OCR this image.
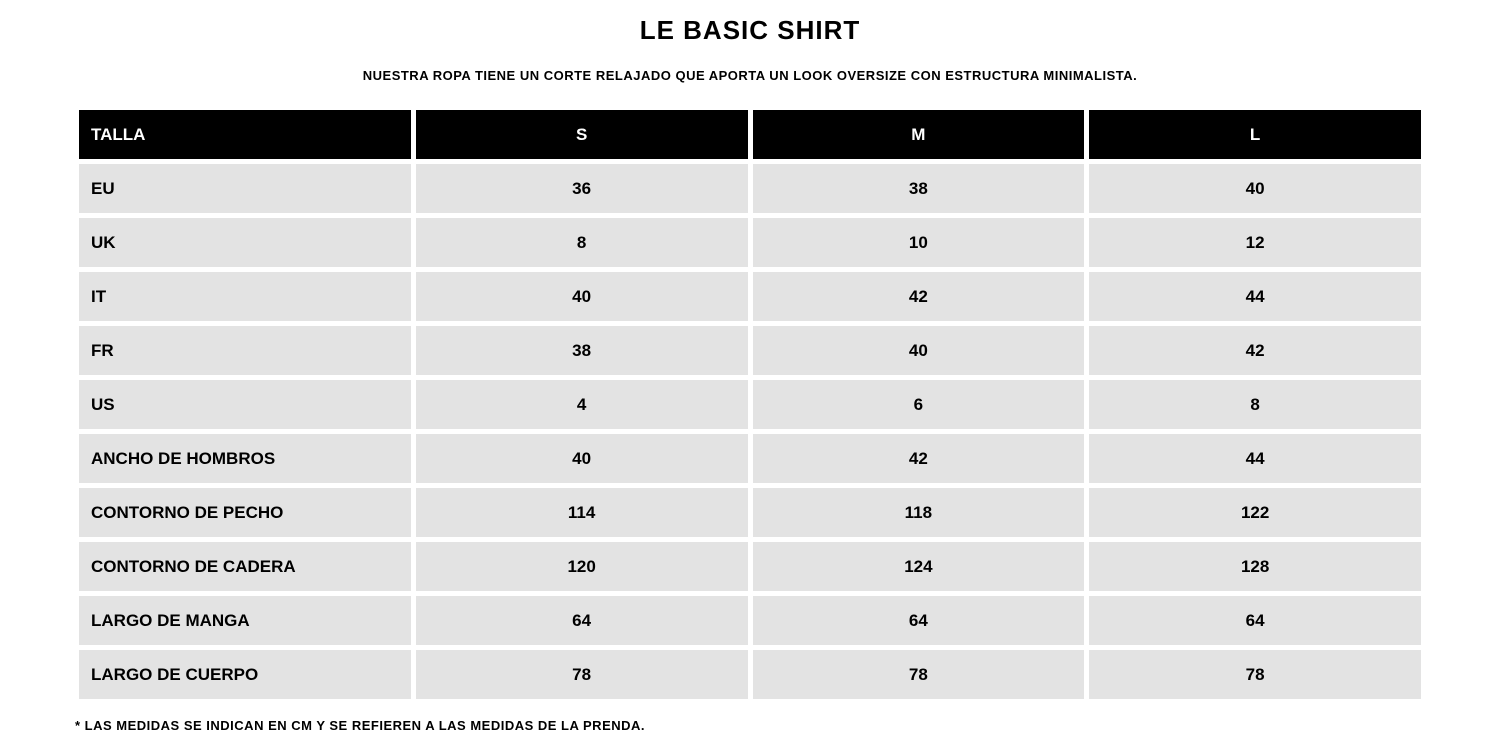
LE BASIC SHIRT
NUESTRA ROPA TIENE UN CORTE RELAJADO QUE APORTA UN LOOK OVERSIZE CON ESTRUCTURA MINIMALISTA.
TALLA	S	M	L
EU	36	38	40
UK	8	10	12
IT	40	42	44
FR	38	40	42
US	4	6	8
ANCHO DE HOMBROS	40	42	44
CONTORNO DE PECHO	114	118	122
CONTORNO DE CADERA	120	124	128
LARGO DE MANGA	64	64	64
LARGO DE CUERPO	78	78	78
* LAS MEDIDAS SE INDICAN EN CM Y SE REFIEREN A LAS MEDIDAS DE LA PRENDA.
